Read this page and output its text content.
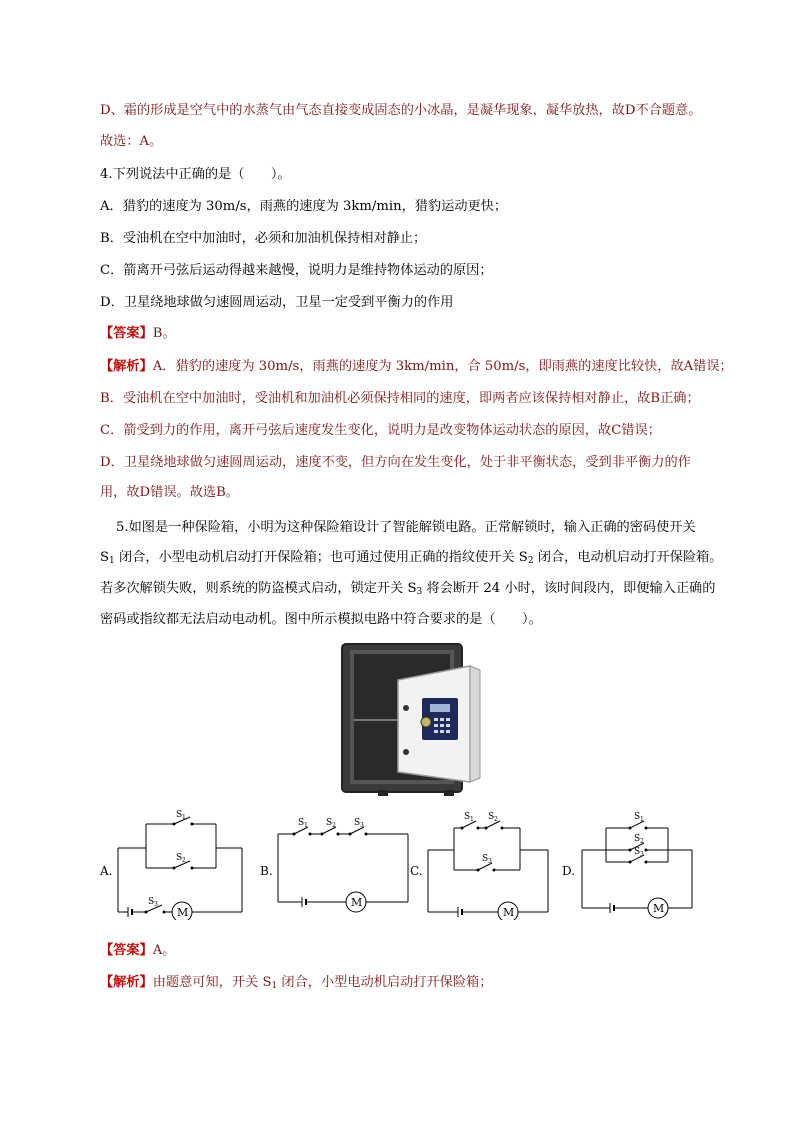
D、霜的形成是空气中的水蒸气由气态直接变成固态的小冰晶，是凝华现象，凝华放热，故D不合题意。
故选：A。
4.下列说法中正确的是（　　）。
A．猎豹的速度为 30m/s，雨燕的速度为 3km/min，猎豹运动更快；
B．受油机在空中加油时，必须和加油机保持相对静止；
C．箭离开弓弦后运动得越来越慢，说明力是维持物体运动的原因；
D．卫星绕地球做匀速圆周运动，卫星一定受到平衡力的作用
【答案】B。
【解析】A．猎豹的速度为 30m/s，雨燕的速度为 3km/min，合 50m/s，即雨燕的速度比较快，故A错误；
B．受油机在空中加油时，受油机和加油机必须保持相同的速度，即两者应该保持相对静止，故B正确；
C．箭受到力的作用，离开弓弦后速度发生变化，说明力是改变物体运动状态的原因，故C错误；
D．卫星绕地球做匀速圆周运动，速度不变，但方向在发生变化，处于非平衡状态，受到非平衡力的作
用，故D错误。故选B。
5.如图是一种保险箱，小明为这种保险箱设计了智能解锁电路。正常解锁时，输入正确的密码使开关
$S_1$ 闭合，小型电动机启动打开保险箱；也可通过使用正确的指纹使开关 $S_2$ 闭合，电动机启动打开保险箱。
若多次解锁失败，则系统的防盗模式启动，锁定开关 $S_3$ 将会断开 24 小时，该时间段内，即便输入正确的
密码或指纹都无法启动电动机。图中所示模拟电路中符合要求的是（　　）。
A.
M
S 1
S 2
S 3
B.
S 1 S 2 S 3
M
C.
S 1 S 2
S 3
M
D.
S 1
S 2
S 3
M
【答案】A。
【解析】由题意可知，开关 $S_1$ 闭合，小型电动机启动打开保险箱；
